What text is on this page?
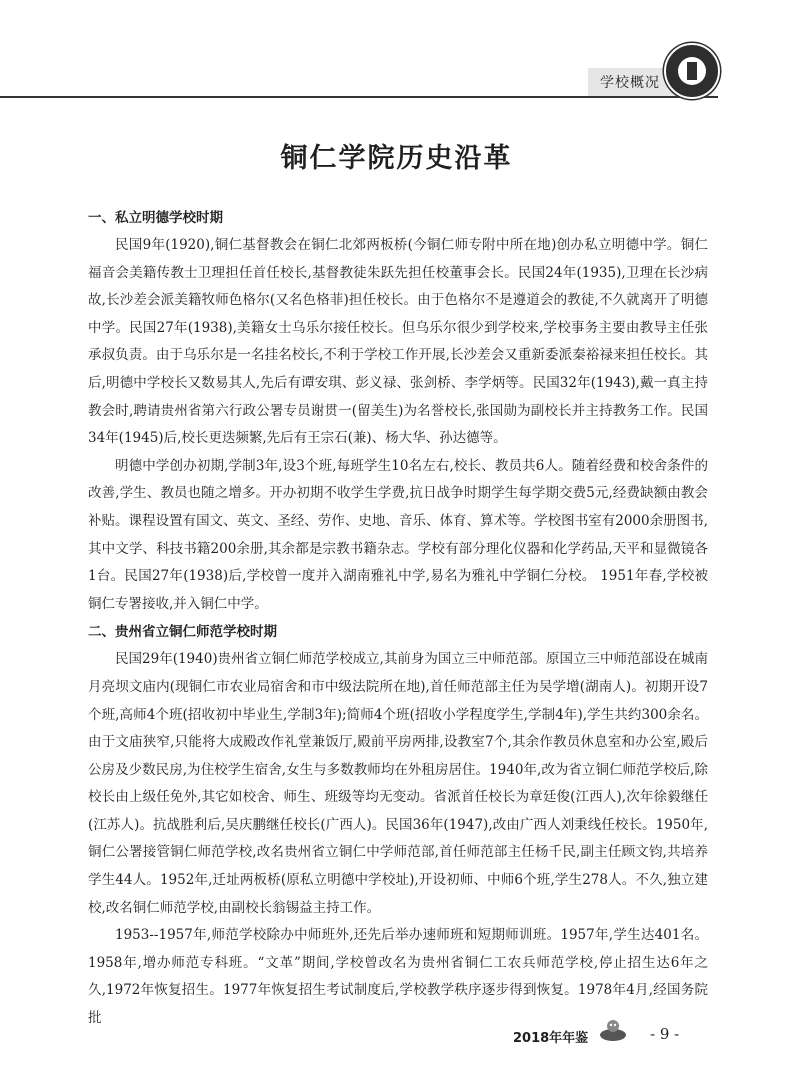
学校概况
铜仁学院历史沿革

一、私立明德学校时期

民国9年(1920),铜仁基督教会在铜仁北郊两板桥(今铜仁师专附中所在地)创办私立明德中学。铜仁福音会美籍传教士卫理担任首任校长,基督教徒朱跃先担任校董事会长。民国24年(1935),卫理在长沙病故,长沙差会派美籍牧师色格尔(又名色格菲)担任校长。由于色格尔不是遵道会的教徒,不久就离开了明德中学。民国27年(1938),美籍女士乌乐尔接任校长。但乌乐尔很少到学校来,学校事务主要由教导主任张承叔负责。由于乌乐尔是一名挂名校长,不利于学校工作开展,长沙差会又重新委派秦裕禄来担任校长。其后,明德中学校长又数易其人,先后有谭安琪、彭义禄、张剑桥、李学炳等。民国32年(1943),戴一真主持教会时,聘请贵州省第六行政公署专员谢贯一(留美生)为名誉校长,张国勋为副校长并主持教务工作。民国34年(1945)后,校长更迭频繁,先后有王宗石(兼)、杨大华、孙达德等。

明德中学创办初期,学制3年,设3个班,每班学生10名左右,校长、教员共6人。随着经费和校舍条件的改善,学生、教员也随之增多。开办初期不收学生学费,抗日战争时期学生每学期交费5元,经费缺额由教会补贴。课程设置有国文、英文、圣经、劳作、史地、音乐、体育、算术等。学校图书室有2000余册图书,其中文学、科技书籍200余册,其余都是宗教书籍杂志。学校有部分理化仪器和化学药品,天平和显微镜各1台。民国27年(1938)后,学校曾一度并入湖南雅礼中学,易名为雅礼中学铜仁分校。 1951年春,学校被铜仁专署接收,并入铜仁中学。

二、贵州省立铜仁师范学校时期

民国29年(1940)贵州省立铜仁师范学校成立,其前身为国立三中师范部。原国立三中师范部设在城南月亮坝文庙内(现铜仁市农业局宿舍和市中级法院所在地),首任师范部主任为吴学增(湖南人)。初期开设7个班,高师4个班(招收初中毕业生,学制3年);简师4个班(招收小学程度学生,学制4年),学生共约300余名。由于文庙狭窄,只能将大成殿改作礼堂兼饭厅,殿前平房两排,设教室7个,其余作教员休息室和办公室,殿后公房及少数民房,为住校学生宿舍,女生与多数教师均在外租房居住。1940年,改为省立铜仁师范学校后,除校长由上级任免外,其它如校舍、师生、班级等均无变动。省派首任校长为章廷俊(江西人),次年徐毅继任(江苏人)。抗战胜利后,吴庆鹏继任校长(广西人)。民国36年(1947),改由广西人刘秉线任校长。1950年,铜仁公署接管铜仁师范学校,改名贵州省立铜仁中学师范部,首任师范部主任杨千民,副主任顾文钧,共培养学生44人。1952年,迁址两板桥(原私立明德中学校址),开设初师、中师6个班,学生278人。不久,独立建校,改名铜仁师范学校,由副校长翁锡益主持工作。

1953--1957年,师范学校除办中师班外,还先后举办速师班和短期师训班。1957年,学生达401名。1958年,增办师范专科班。“文革”期间,学校曾改名为贵州省铜仁工农兵师范学校,停止招生达6年之久,1972年恢复招生。1977年恢复招生考试制度后,学校教学秩序逐步得到恢复。1978年4月,经国务院批

2018年年鉴	- 9 -
